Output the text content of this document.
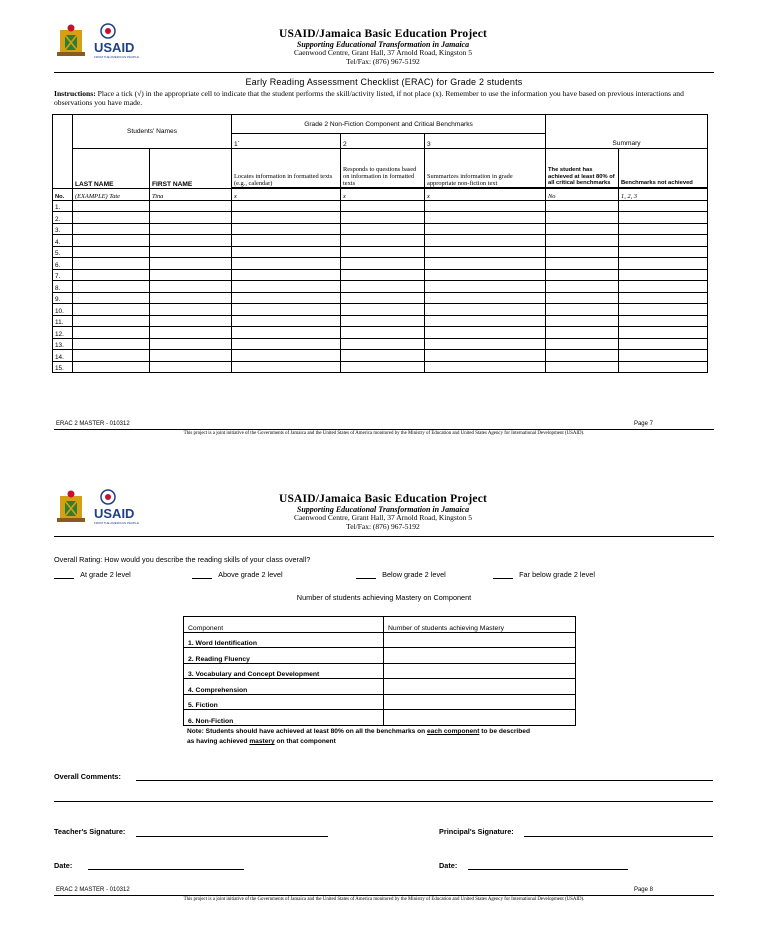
USAID
FROM THE AMERICAN PEOPLE
USAID/Jamaica Basic Education Project
Supporting Educational Transformation in Jamaica
Caenwood Centre, Grant Hall, 37 Arnold Road, Kingston 5
Tel/Fax: (876) 967-5192
Early Reading Assessment Checklist (ERAC) for Grade 2 students
Instructions: Place a tick (√) in the appropriate cell to indicate that the student performs the skill/activity listed, if not place (x). Remember to use the information you have based on previous interactions and observations you have made.
	Students' Names		Grade 2 Non-Fiction Component and Critical Benchmarks			Summary	
			1`	2	3		
	LAST NAME	FIRST NAME	Locates information in formatted texts (e.g., calendar)	Responds to questions based on information in formatted texts	Summarizes information in grade appropriate non-fiction text	The student has achieved at least 80% of all critical benchmarks	Benchmarks not achieved

No.	(EXAMPLE) Tate	Tina	x	x	x	No	1, 2, 3
1.							
2.							
3.							
4.							
5.							
6.							
7.							
8.							
9.							
10.							
11.							
12.							
13.							
14.							
15.							
ERAC 2 MASTER - 010312	Page 7
This project is a joint initiative of the Governments of Jamaica and the United States of America monitored by the Ministry of Education and United States Agency for International Development (USAID).
USAID
FROM THE AMERICAN PEOPLE
USAID/Jamaica Basic Education Project
Supporting Educational Transformation in Jamaica
Caenwood Centre, Grant Hall, 37 Arnold Road, Kingston 5
Tel/Fax: (876) 967-5192
Overall Rating: How would you describe the reading skills of your class overall?
At grade 2 level	Above grade 2 level	Below grade 2 level	Far below grade 2 level
Number of students achieving Mastery on Component
Component	Number of students achieving Mastery
1. Word Identification	
2. Reading Fluency	
3. Vocabulary and Concept Development	
4. Comprehension	
5. Fiction	
6. Non-Fiction	
Note: Students should have achieved at least 80% on all the benchmarks on each component to be described
as having achieved mastery on that component
Overall Comments:
Teacher's Signature:	Principal's Signature:
Date:	Date:
ERAC 2 MASTER - 010312	Page 8
This project is a joint initiative of the Governments of Jamaica and the United States of America monitored by the Ministry of Education and United States Agency for International Development (USAID).
